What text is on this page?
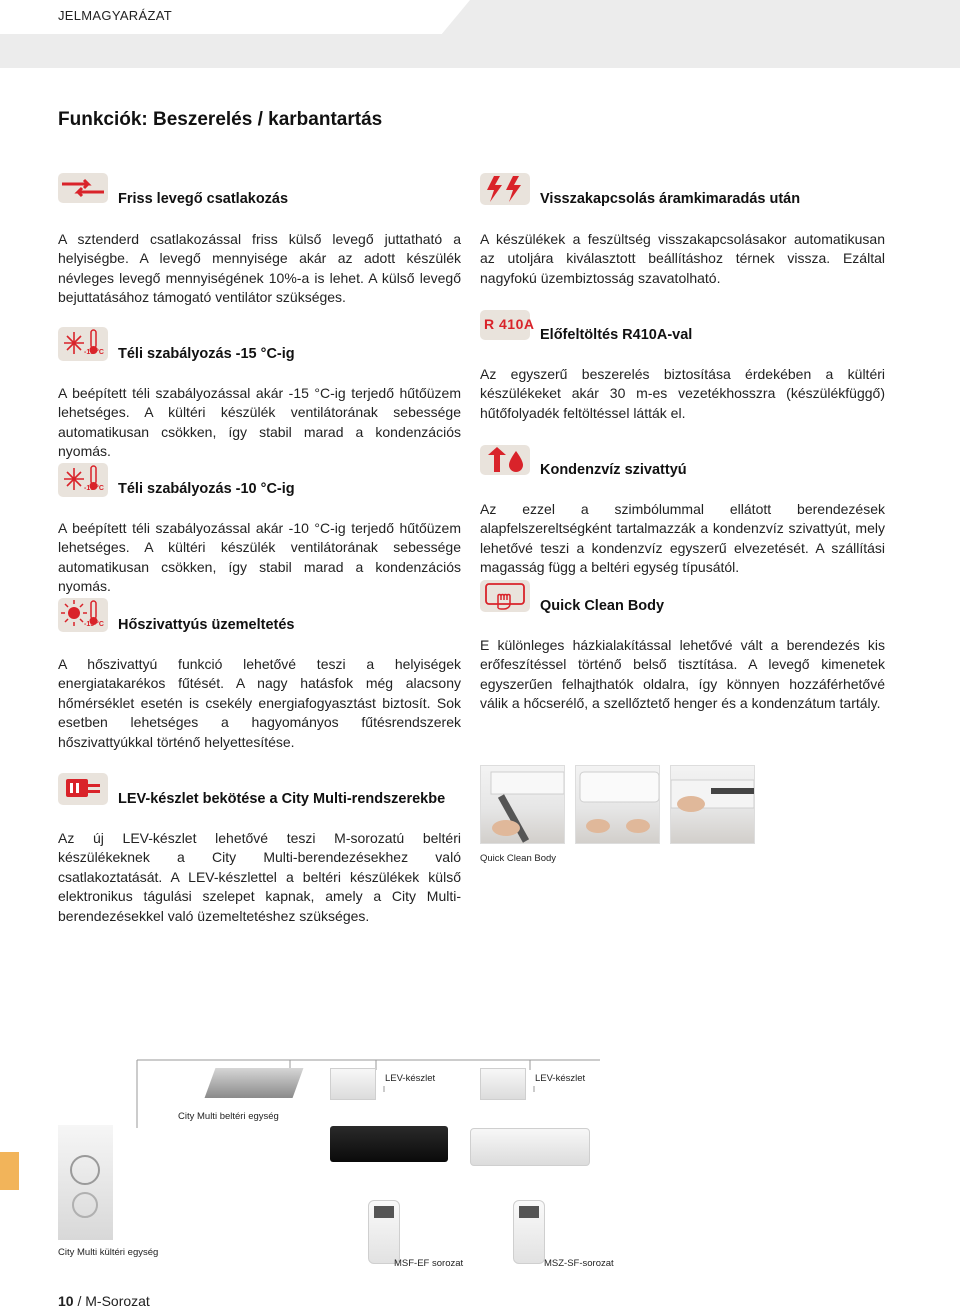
JELMAGYARÁZAT
Funkciók: Beszerelés / karbantartás
Friss levegő csatlakozás
A sztenderd csatlakozással friss külső levegő juttatható a helyiségbe. A levegő mennyisége akár az adott készülék névleges levegő mennyiségének 10%-a is lehet. A külső levegő bejuttatásához támogató ventilátor szükséges.
-15 °C Téli szabályozás -15 °C-ig
A beépített téli szabályozással akár -15 °C-ig terjedő hűtőüzem lehetséges. A kültéri készülék ventilátorának sebessége automatikusan csökken, így stabil marad a kondenzációs nyomás.
-10 °C Téli szabályozás -10 °C-ig
A beépített téli szabályozással akár -10 °C-ig terjedő hűtőüzem lehetséges. A kültéri készülék ventilátorának sebessége automatikusan csökken, így stabil marad a kondenzációs nyomás.
-15 °C Hőszivattyús üzemeltetés
A hőszivattyú funkció lehetővé teszi a helyiségek energiatakarékos fűtését. A nagy hatásfok még alacsony hőmérséklet esetén is csekély energiafogyasztást biztosít. Sok esetben lehetséges a hagyományos fűtésrendszerek hőszivattyúkkal történő helyettesítése.
LEV-készlet bekötése a City Multi-rendszerekbe
Az új LEV-készlet lehetővé teszi M-sorozatú beltéri készülékeknek a City Multi-berendezésekhez való csatlakoztatását. A LEV-készlettel a beltéri készülékek külső elektronikus tágulási szelepet kapnak, amely a City Multi-berendezésekkel való üzemeltetéshez szükséges.
Visszakapcsolás áramkimaradás után
A készülékek a feszültség visszakapcsolásakor automatikusan az utoljára kiválasztott beállításhoz térnek vissza. Ezáltal nagyfokú üzembiztosság szavatolható.
R 410A
Előfeltöltés R410A-val
Az egyszerű beszerelés biztosítása érdekében a kültéri készülékeket akár 30 m-es vezetékhosszra (készülékfüggő) hűtőfolyadék feltöltéssel látták el.
Kondenzvíz szivattyú
Az ezzel a szimbólummal ellátott berendezések alapfelszereltségként tartalmazzák a kondenzvíz szivattyút, mely lehetővé teszi a kondenzvíz egyszerű elvezetését. A szállítási magasság függ a beltéri egység típusától.
Quick Clean Body
E különleges házkialakítással lehetővé vált a berendezés kis erőfeszítéssel történő belső tisztítása. A levegő kimenetek egyszerűen felhajthatók oldalra, így könnyen hozzáférhetővé válik a hőcserélő, a szellőztető henger és a kondenzátum tartály.
Quick Clean Body
LEV-készlet	LEV-készlet
City Multi beltéri egység
City Multi kültéri egység
MSF-EF sorozat	MSZ-SF-sorozat
10 / M-Sorozat
